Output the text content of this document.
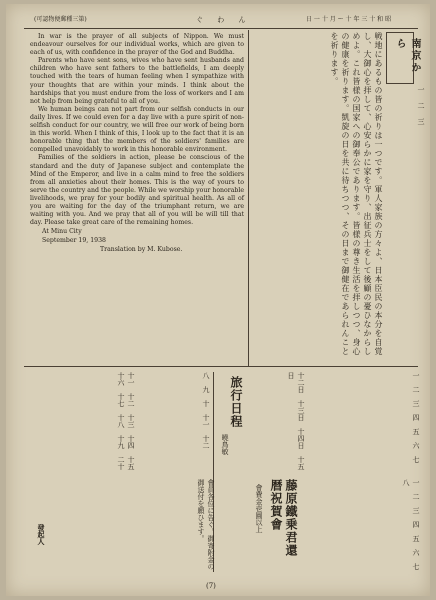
(可認物便郵種三第)	ぐ わ ん	日 一 十 月 ー 十 年 三 十 和 昭

In war is the prayer of all subjects of Nippon. We must endeavour ourselves for our individual works, which are given to each of us, with confidence in the prayer of the God and Buddha.

Parents who have sent sons, wives who have sent husbands and children who have sent fathers to the battlefields, I am deeply touched with the tears of human feeling when I sympathize with your thoughts that are within your minds. I think about the hardships that you must endure from the loss of workers and I am not help from being grateful to all of you.

We human beings can not part from our selfish conducts in our daily lives. If we could even for a day live with a pure spirit of non-selfish conduct for our country, we will free our work of being born in this world. When I think of this, I look up to the fact that it is an honorable thing that the members of the soldiers' families are compelled unavoidably to work in this honorable environment.

Families of the soldiers in action, please be conscious of the standard and the duty of Japanese subject and contemplate the Mind of the Emperor, and live in a calm mind to free the soldiers from all anxieties about their homes. This is the way of yours to serve the country and the people. While we worship your honorable livelihoods, we pray for your bodily and spiritual health. As all of you are waiting for the day of the triumphant return, we are waiting with you. And we pray that all of you will be will till that day. Please take great care of the remaining homes.

At Minu City

September 19, 1938

Translation by M. Kubose.

南京から
戦地にあるもの皆の祈りは一つです。軍人家族の方々よ、日本臣民の本分を自覚し、大御心を拝して、心安らかに家を守り、出征兵士をして後顧の憂ひなからしめよ。これ皆様の国家への御奉公であります。皆様の尊き生活を拝しつつ、身心の健康を祈ります。凱旋の日を共に待ちつつ、その日まで御健在であられんことを祈ります。
一　二　三
十一　十二　十三　十四　十五　十六　十七　十八　十九　二十	八　九　十　十一　十二 旅行日程
曉鳥敏	十二日　十三日　十四日　十五日
藤原鐵乗君還暦祝賀會
會費金壱圓以上
一　二　三　四　五　六　七
會員各位に告ぐ。御寄附金の御送付を願ひます。
發起人	一　二　三　四　五　六　七　八
(7)
